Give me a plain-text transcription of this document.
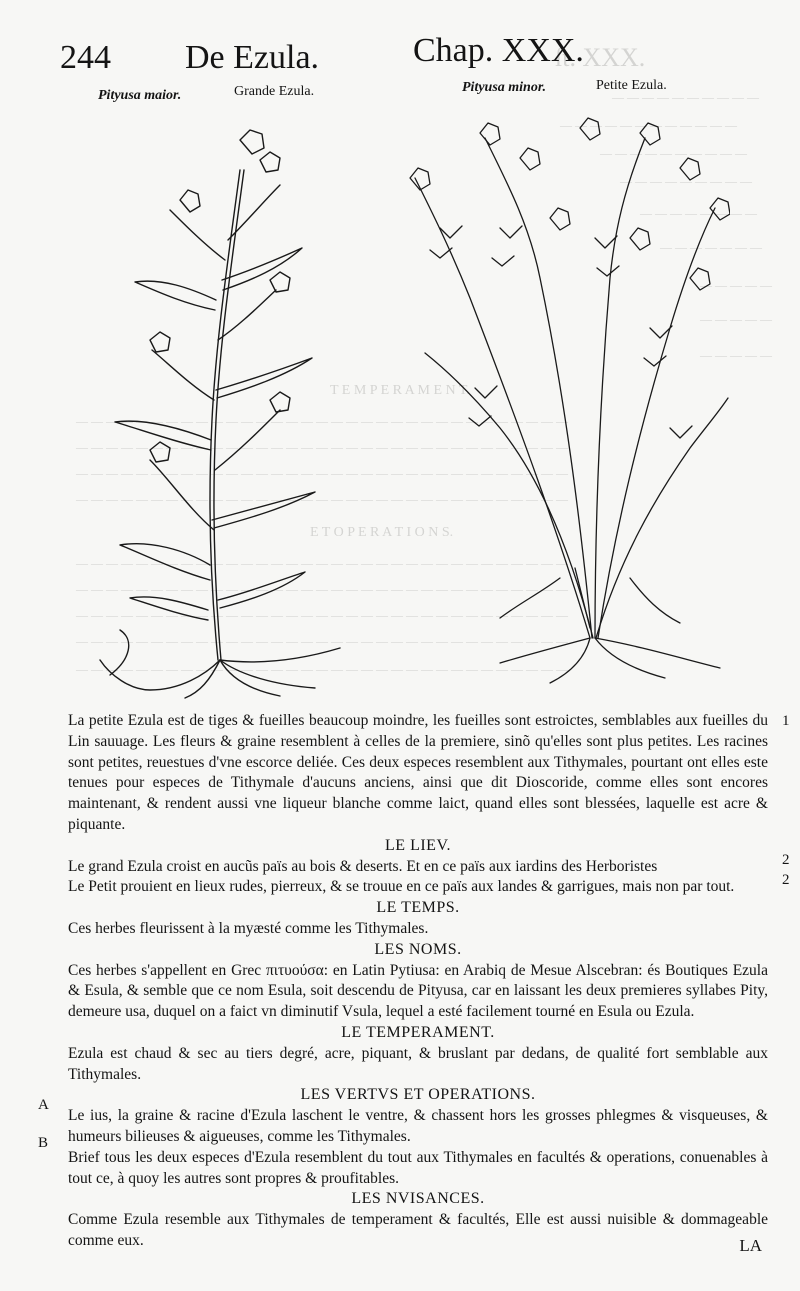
ſt. XXX.
— — — — — — — — — —
— — — — — — — — — — — —
— — — — — — — — — —
— — — — — — — — —
— — — — — — — —
— — — — — — —
— — — — —
— — — — —
— — — — —
T E M P E R A M E N T.
— — — — — — — — — — — — — — — — — — — — — — — — — — — — — — — — —
— — — — — — — — — — — — — — — — — — — — — — — — — — — — — — — — —
— — — — — — — — — — — — — — — — — — — — — — — — — — — — — — — — —
— — — — — — — — — — — — — — — — — — — — — — — — — — — — — — — — —
E T O P E R A T I O N S.
— — — — — — — — — — — — — — — — — — — — — — — — — — — — — — — — —
— — — — — — — — — — — — — — — — — — — — — — — — — — — — — — — — —
— — — — — — — — — — — — — — — — — — — — — — — — — — — — — — — — —
— — — — — — — — — — — — — — — — — — — — — — — — — — — — — — — — —
— — — — — — — — — — — — — — — — — — — — — — — — — — — — — — — — —
244 De Ezula.	Chap. XXX.
Pityusa maior.	Grande Ezula.	Pityusa minor.	Petite Ezula.

La petite Ezula est de tiges & fueilles beaucoup moindre, les fueilles sont estroictes, semblables aux fueilles du Lin sauuage. Les fleurs & graine resemblent à celles de la premiere, sinõ qu'elles sont plus petites. Les racines sont petites, reuestues d'vne escorce deliée. Ces deux especes resemblent aux Tithymales, pourtant ont elles este tenues pour especes de Tithymale d'aucuns anciens, ainsi que dit Dioscoride, comme elles sont encores maintenant, & rendent aussi vne liqueur blanche comme laict, quand elles sont blessées, laquelle est acre & piquante.

LE LIEV.

Le grand Ezula croist en aucũs païs au bois & deserts. Et en ce païs aux iardins des Herboristes

Le Petit prouient en lieux rudes, pierreux, & se trouue en ce païs aux landes & garrigues, mais non par tout.

LE TEMPS.

Ces herbes fleurissent à la myæsté comme les Tithymales.

LES NOMS.

Ces herbes s'appellent en Grec πιτυούσα: en Latin Pytiusa: en Arabiq de Mesue Alscebran: és Boutiques Ezula & Esula, & semble que ce nom Esula, soit descendu de Pityusa, car en laissant les deux premieres syllabes Pity, demeure usa, duquel on a faict vn diminutif Vsula, lequel a esté facilement tourné en Esula ou Ezula.

LE TEMPERAMENT.

Ezula est chaud & sec au tiers degré, acre, piquant, & bruslant par dedans, de qualité fort semblable aux Tithymales.

LES VERTVS ET OPERATIONS.

Le ius, la graine & racine d'Ezula laschent le ventre, & chassent hors les grosses phlegmes & visqueuses, & humeurs bilieuses & aigueuses, comme les Tithymales.

Brief tous les deux especes d'Ezula resemblent du tout aux Tithymales en facultés & operations, conuenables à tout ce, à quoy les autres sont propres & proufitables.

LES NVISANCES.

Comme Ezula resemble aux Tithymales de temperament & facultés, Elle est aussi nuisible & dommageable comme eux.

A
B
1
2
2
LA
